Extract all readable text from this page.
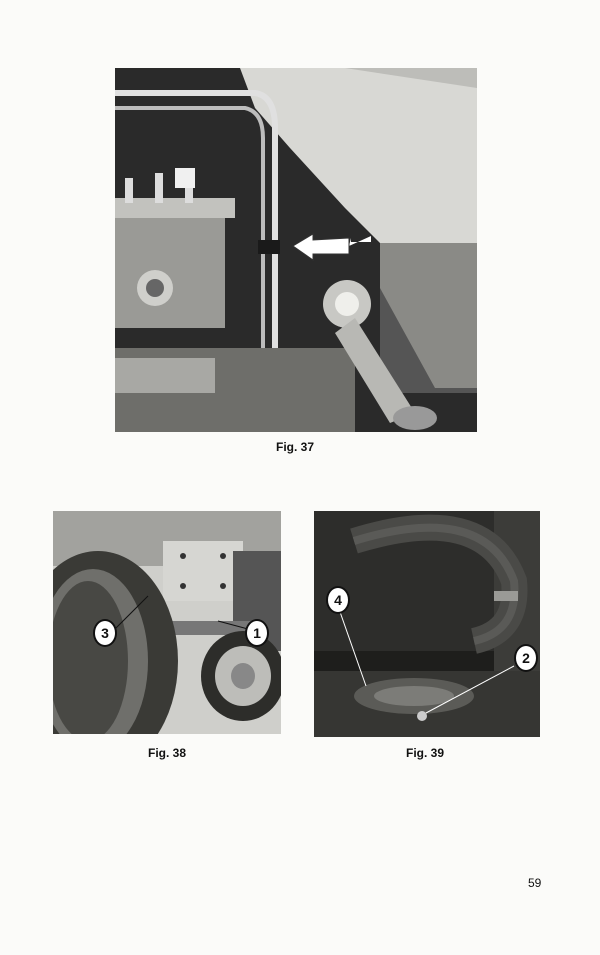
Fig. 37
3	1
Fig. 38
4
2
Fig. 39
59
